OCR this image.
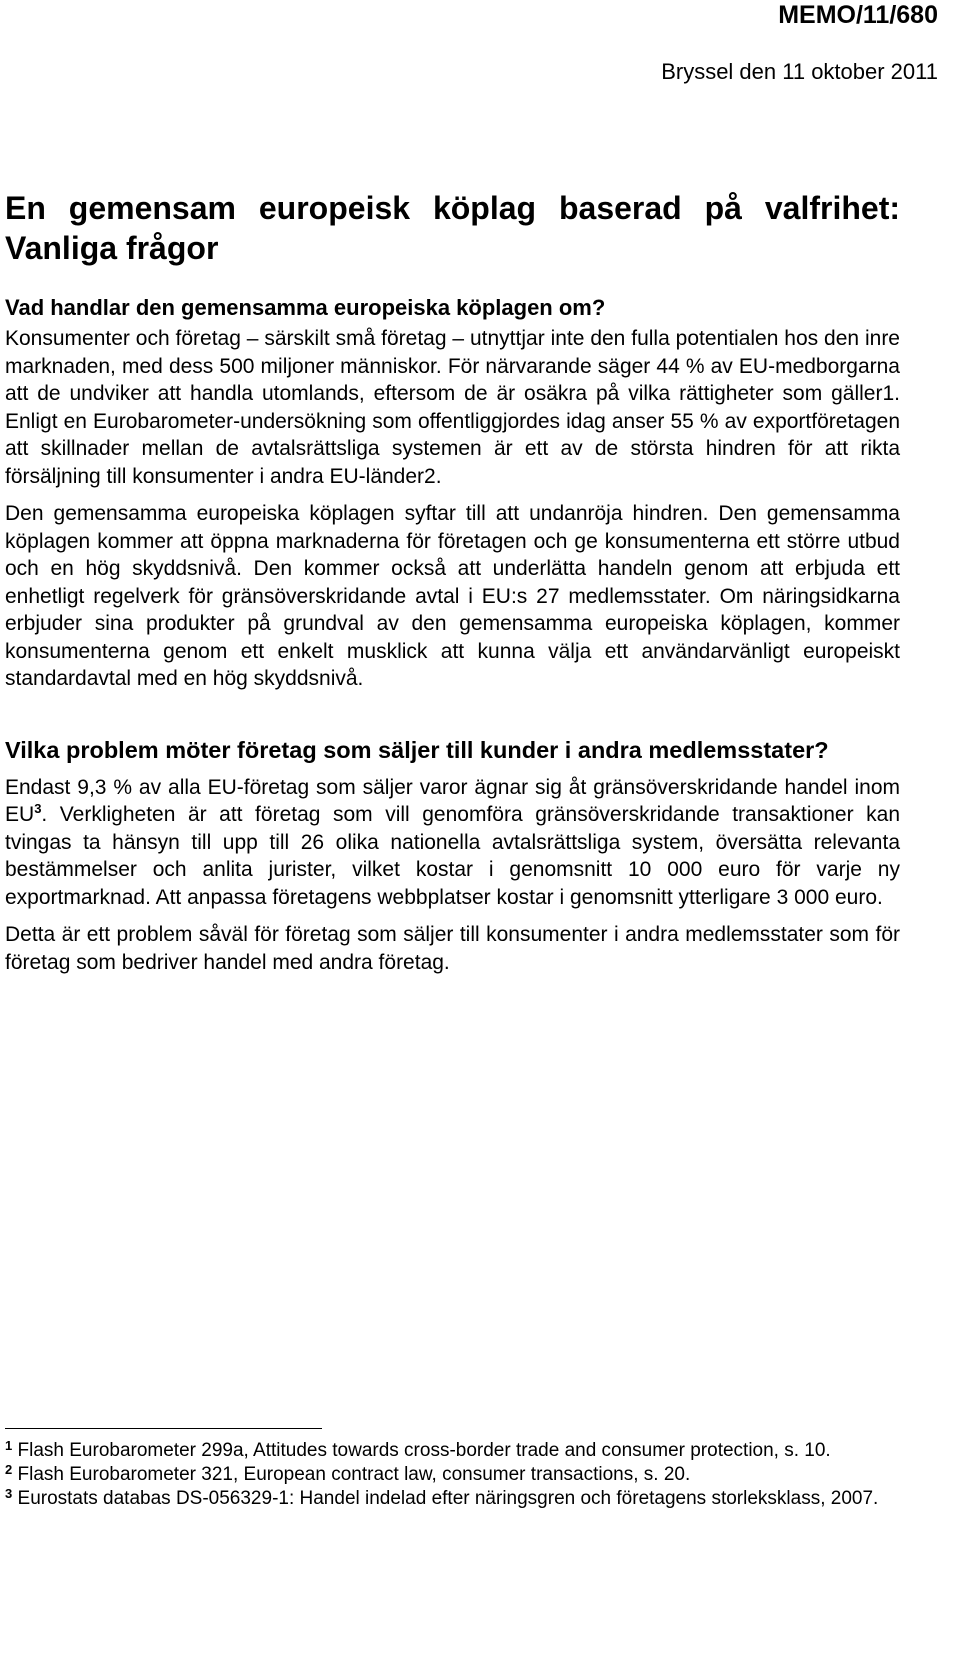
MEMO/11/680
Bryssel den 11 oktober 2011
En gemensam europeisk köplag baserad på valfrihet: Vanliga frågor
Vad handlar den gemensamma europeiska köplagen om?

Konsumenter och företag – särskilt små företag – utnyttjar inte den fulla potentialen hos den inre marknaden, med dess 500 miljoner människor. För närvarande säger 44 % av EU-medborgarna att de undviker att handla utomlands, eftersom de är osäkra på vilka rättigheter som gäller1. Enligt en Eurobarometer-undersökning som offentliggjordes idag anser 55 % av exportföretagen att skillnader mellan de avtalsrättsliga systemen är ett av de största hindren för att rikta försäljning till konsumenter i andra EU-länder2.

Den gemensamma europeiska köplagen syftar till att undanröja hindren. Den gemensamma köplagen kommer att öppna marknaderna för företagen och ge konsumenterna ett större utbud och en hög skyddsnivå. Den kommer också att underlätta handeln genom att erbjuda ett enhetligt regelverk för gränsöverskridande avtal i EU:s 27 medlemsstater. Om näringsidkarna erbjuder sina produkter på grundval av den gemensamma europeiska köplagen, kommer konsumenterna genom ett enkelt musklick att kunna välja ett användarvänligt europeiskt standardavtal med en hög skyddsnivå.

Vilka problem möter företag som säljer till kunder i andra medlemsstater?

Endast 9,3 % av alla EU-företag som säljer varor ägnar sig åt gränsöverskridande handel inom $EU^3$. Verkligheten är att företag som vill genomföra gränsöverskridande transaktioner kan tvingas ta hänsyn till upp till 26 olika nationella avtalsrättsliga system, översätta relevanta bestämmelser och anlita jurister, vilket kostar i genomsnitt 10 000 euro för varje ny exportmarknad. Att anpassa företagens webbplatser kostar i genomsnitt ytterligare 3 000 euro.

Detta är ett problem såväl för företag som säljer till konsumenter i andra medlemsstater som för företag som bedriver handel med andra företag.

$^1$ Flash Eurobarometer 299a, Attitudes towards cross-border trade and consumer protection, s. 10.

$^2$ Flash Eurobarometer 321, European contract law, consumer transactions, s. 20.

$^3$ Eurostats databas DS-056329-1: Handel indelad efter näringsgren och företagens storleksklass, 2007.
